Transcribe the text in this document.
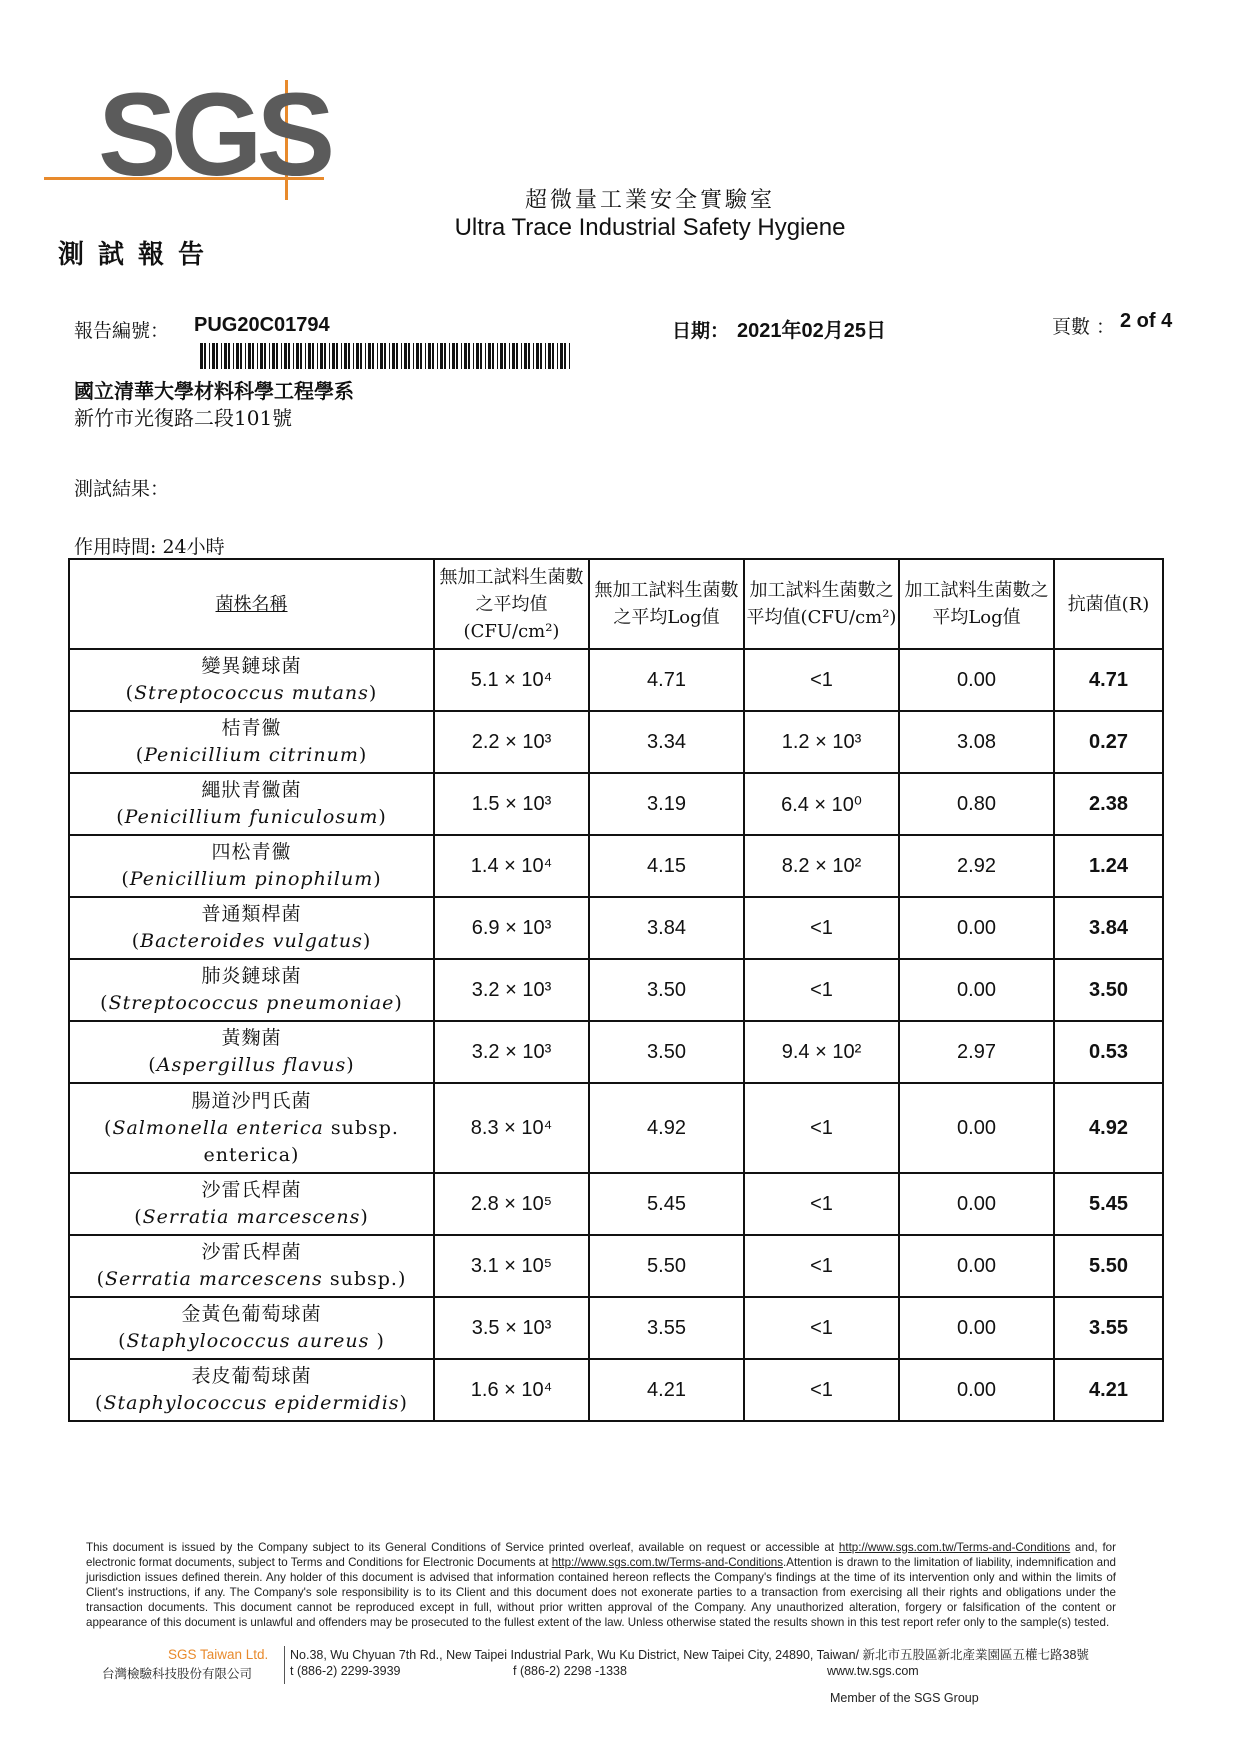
SGS	超微量工業安全實驗室
Ultra Trace Industrial Safety Hygiene
測試報告
報告編號： PUG20C01794	日期： 2021年02月25日	頁數 ： 2 of 4
國立清華大學材料科學工程學系
新竹市光復路二段101號
測試結果：
作用時間: 24小時
菌株名稱	無加工試料生菌數之平均值(CFU/cm²)	無加工試料生菌數之平均Log值	加工試料生菌數之平均值(CFU/cm²)	加工試料生菌數之平均Log值	抗菌值(R)

變異鏈球菌
(Streptococcus mutans)	5.1 × 10⁴	4.71	<1	0.00	4.71

桔青黴
(Penicillium citrinum)	2.2 × 10³	3.34	1.2 × 10³	3.08	0.27

繩狀青黴菌
(Penicillium funiculosum)	1.5 × 10³	3.19	6.4 × 10⁰	0.80	2.38

四松青黴
(Penicillium pinophilum)	1.4 × 10⁴	4.15	8.2 × 10²	2.92	1.24

普通類桿菌
(Bacteroides vulgatus)	6.9 × 10³	3.84	<1	0.00	3.84

肺炎鏈球菌
(Streptococcus pneumoniae)	3.2 × 10³	3.50	<1	0.00	3.50

黃麴菌
(Aspergillus flavus)	3.2 × 10³	3.50	9.4 × 10²	2.97	0.53

腸道沙門氏菌
(Salmonella enterica subsp. enterica)	8.3 × 10⁴	4.92	<1	0.00	4.92

沙雷氏桿菌
(Serratia marcescens)	2.8 × 10⁵	5.45	<1	0.00	5.45

沙雷氏桿菌
(Serratia marcescens subsp.)	3.1 × 10⁵	5.50	<1	0.00	5.50

金黃色葡萄球菌
(Staphylococcus aureus )	3.5 × 10³	3.55	<1	0.00	3.55

表皮葡萄球菌
(Staphylococcus epidermidis)	1.6 × 10⁴	4.21	<1	0.00	4.21
This document is issued by the Company subject to its General Conditions of Service printed overleaf, available on request or accessible at http://www.sgs.com.tw/Terms-and-Conditions and, for electronic format documents, subject to Terms and Conditions for Electronic Documents at http://www.sgs.com.tw/Terms-and-Conditions.Attention is drawn to the limitation of liability, indemnification and jurisdiction issues defined therein. Any holder of this document is advised that information contained hereon reflects the Company's findings at the time of its intervention only and within the limits of Client's instructions, if any. The Company's sole responsibility is to its Client and this document does not exonerate parties to a transaction from exercising all their rights and obligations under the transaction documents. This document cannot be reproduced except in full, without prior written approval of the Company. Any unauthorized alteration, forgery or falsification of the content or appearance of this document is unlawful and offenders may be prosecuted to the fullest extent of the law. Unless otherwise stated the results shown in this test report refer only to the sample(s) tested.
SGS Taiwan Ltd.
台灣檢驗科技股份有限公司
No.38, Wu Chyuan 7th Rd., New Taipei Industrial Park, Wu Ku District, New Taipei City, 24890, Taiwan/ 新北市五股區新北產業園區五權七路38號
t (886-2) 2299-3939	f (886-2) 2298 -1338	www.tw.sgs.com
Member of the SGS Group
